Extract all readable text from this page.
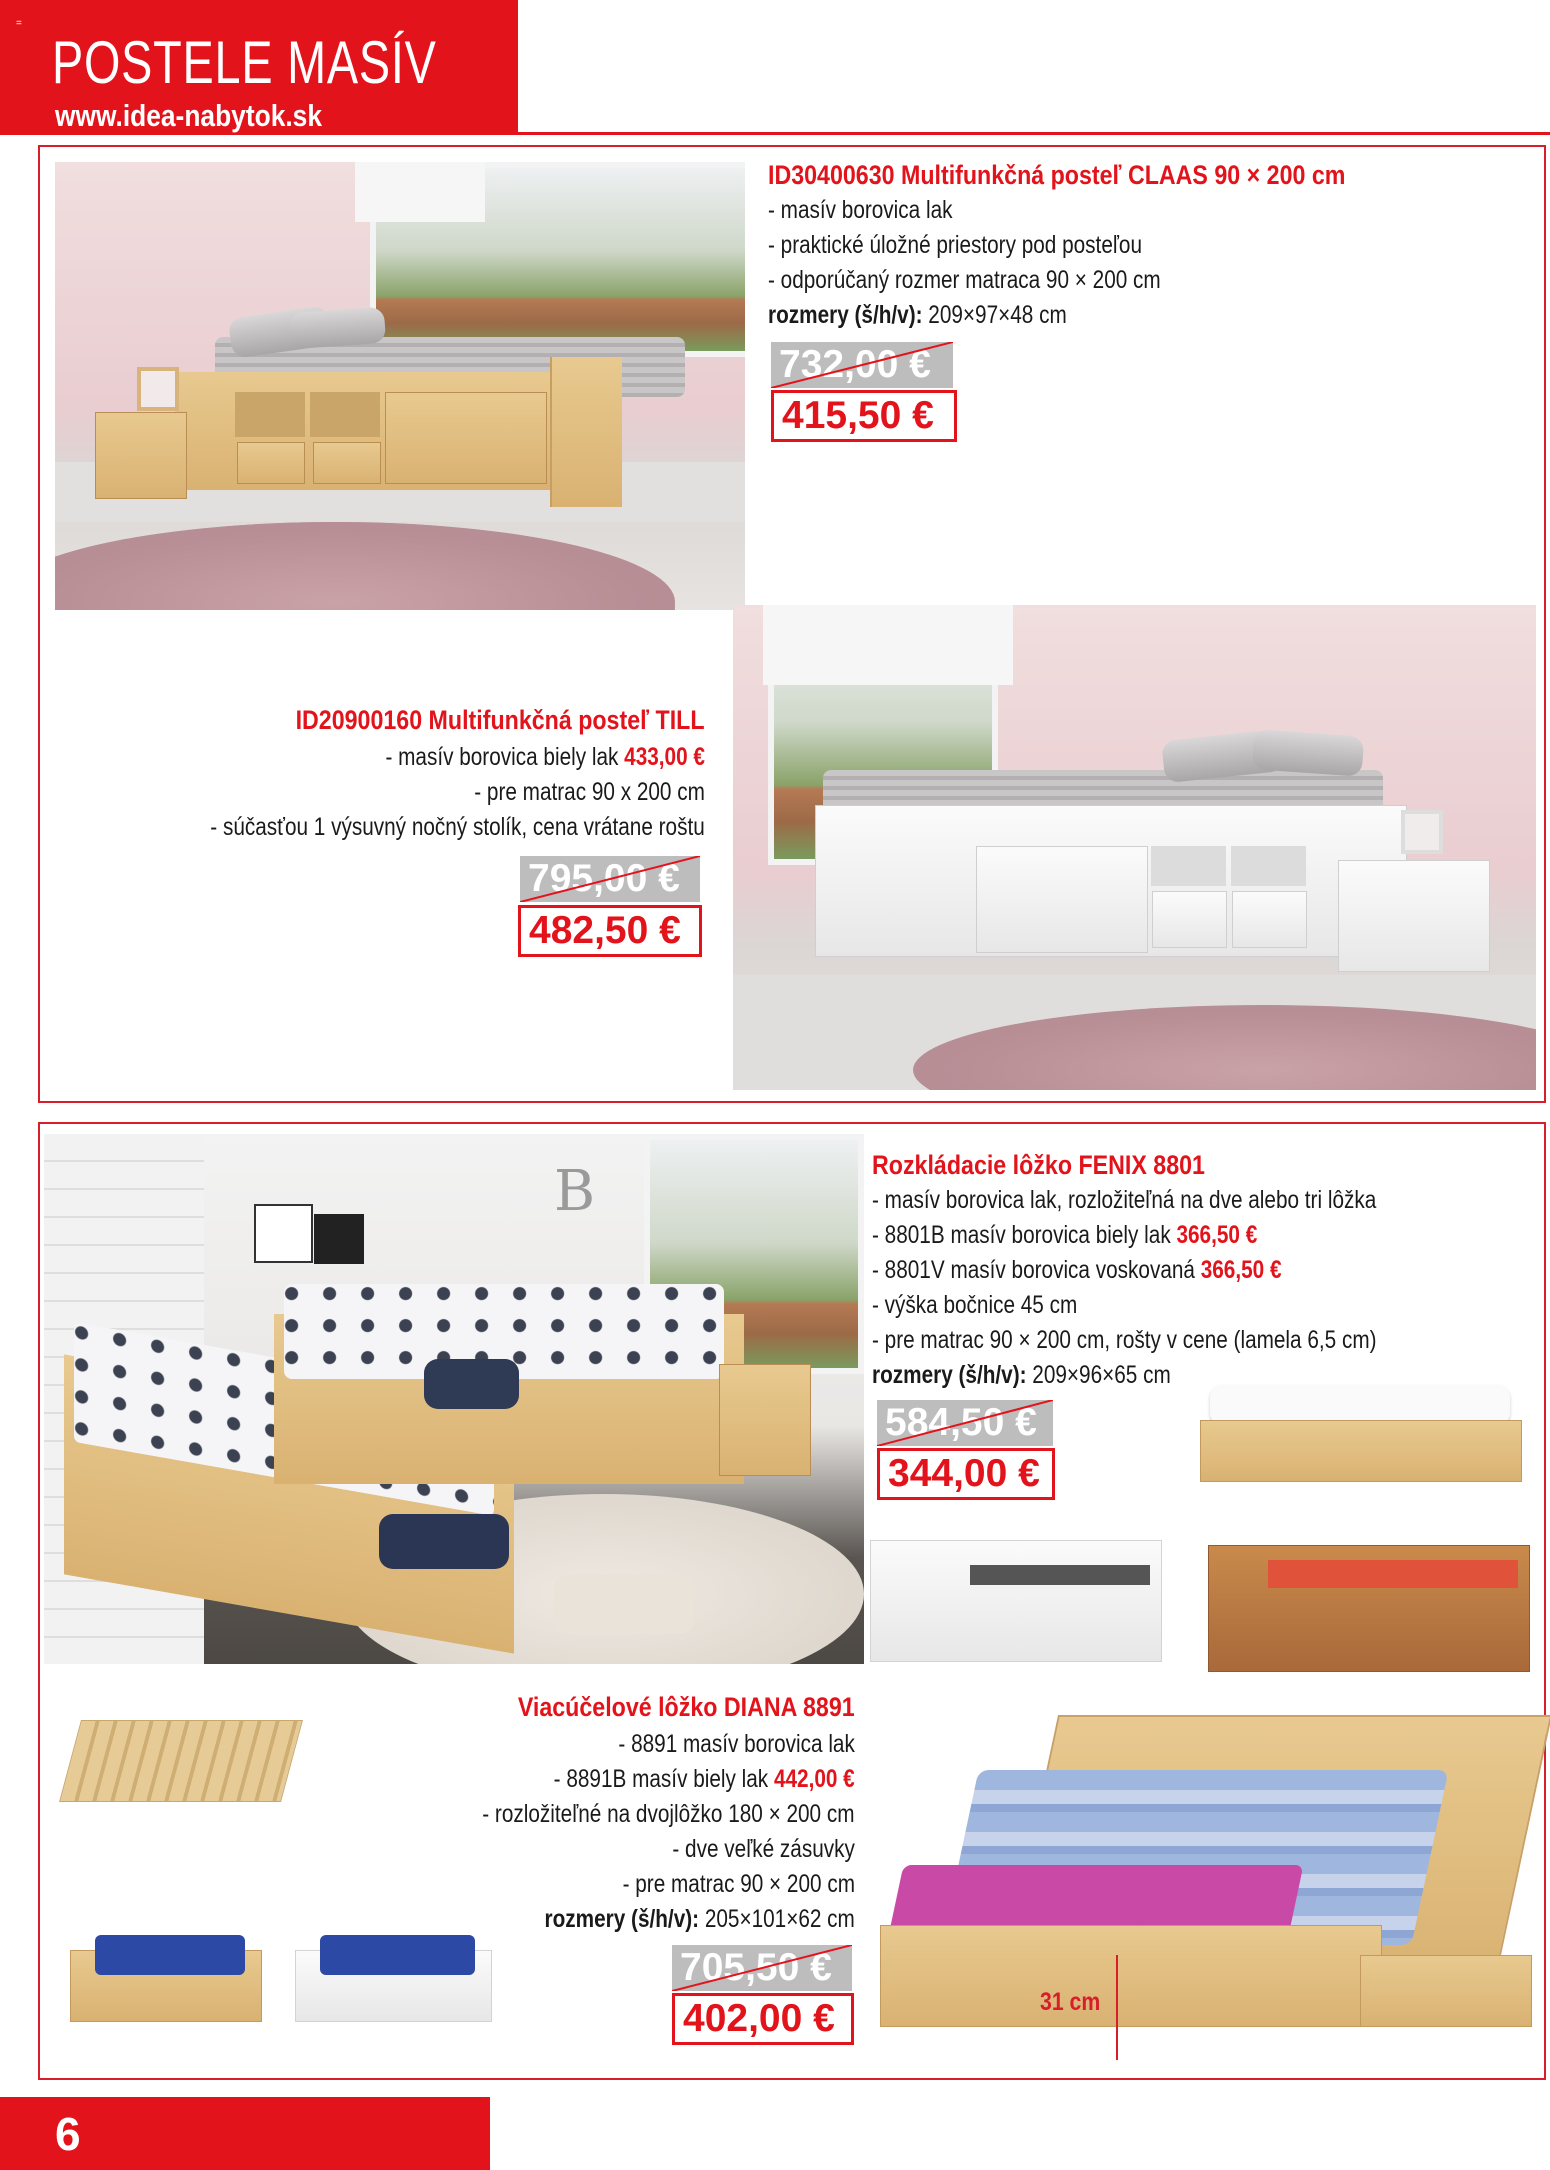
=
POSTELE MASÍV
www.idea-nabytok.sk
ID30400630 Multifunkčná posteľ CLAAS 90 × 200 cm
- masív borovica lak
- praktické úložné priestory pod posteľou
- odporúčaný rozmer matraca 90 × 200 cm
rozmery (š/h/v): 209×97×48 cm
732,00 €
415,50 €
ID20900160 Multifunkčná posteľ TILL
- masív borovica biely lak 433,00 €
- pre matrac 90 x 200 cm
- súčasťou 1 výsuvný nočný stolík, cena vrátane roštu
795,00 €
482,50 €
B	Rozkládacie lôžko FENIX 8801
- masív borovica lak, rozložiteľná na dve alebo tri lôžka
- 8801B masív borovica biely lak 366,50 €
- 8801V masív borovica voskovaná 366,50 €
- výška bočnice 45 cm
- pre matrac 90 × 200 cm, rošty v cene (lamela 6,5 cm)
rozmery (š/h/v): 209×96×65 cm
584,50 €
344,00 €
Viacúčelové lôžko DIANA 8891
- 8891 masív borovica lak
- 8891B masív biely lak 442,00 €
- rozložiteľné na dvojlôžko 180 × 200 cm
- dve veľké zásuvky
- pre matrac 90 × 200 cm
rozmery (š/h/v): 205×101×62 cm
705,50 €
402,00 €	31 cm
6
